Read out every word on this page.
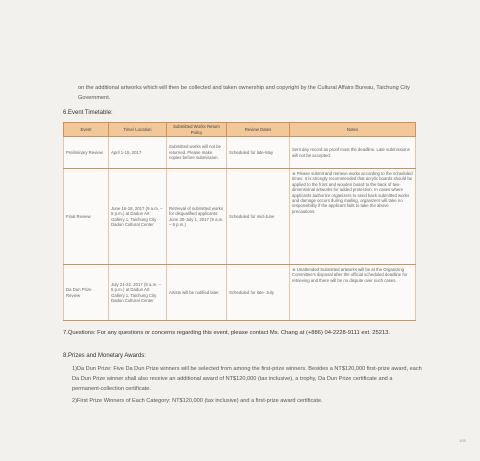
on the additional artworks which will then be collected and taken ownership and copyright by the Cultural Affairs Bureau, Taichung City Government.

6.Event Timetable:

Event	Time/ Location	Submitted Works Return Policy	Review Dates	Notes
Preliminary Review	April 1-15, 2017	Submitted works will not be returned. Please make copies before submission.	Scheduled for late-May	Sent day record as proof most the deadline. Late submissions will not be accepted.
Final Review	June 16-18, 2017 (9 a.m. – 5 p.m.) at Dadun Art Gallery 1, Taichung City Dadun Cultural Center	Retrieval of submitted works for disqualified applicants: June 30-July 1, 2017 (9 a.m. – 5 p.m.)	Scheduled for mid-June	※ Please submit and retrieve works according to the scheduled times. It is strongly recommended that acrylic boards should be applied to the front and wooden board to the back of two-dimensional artworks for added protection. In cases where applicants authorize organizers to send back submitted works and damage occurs during mailing, organizers will take no responsibility if the applicant fails to take the above precautions.
Da Dun Prize Review	July 21-22, 2017 (9 a.m. – 5 p.m.) at Dadun Art Gallery 1, Taichung City Dadun Cultural Center	Artists will be notified later.	Scheduled for late- July	※ Unattended Submitted artworks will be at the Organizing Committee's disposal after the official scheduled deadline for retrieving and there will be no dispute over such cases.

7.Questions: For any questions or concerns regarding this event, please contact Ms. Chang at (+886) 04-2228-9111 ext. 25213.

8.Prizes and Monetary Awards:

1)Da Dun Prize: Five Da Dun Prize winners will be selected from among the first-prize winners. Besides a NT$120,000 first-prize award, each Da Dun Prize winner shall also receive an additional award of NT$120,000 (tax inclusive), a trophy, Da Dun Prize certificate and a permanent-collection certificate.

2)First Prize Winners of Each Category: NT$120,000 (tax inclusive) and a first-prize award certificate.

105
